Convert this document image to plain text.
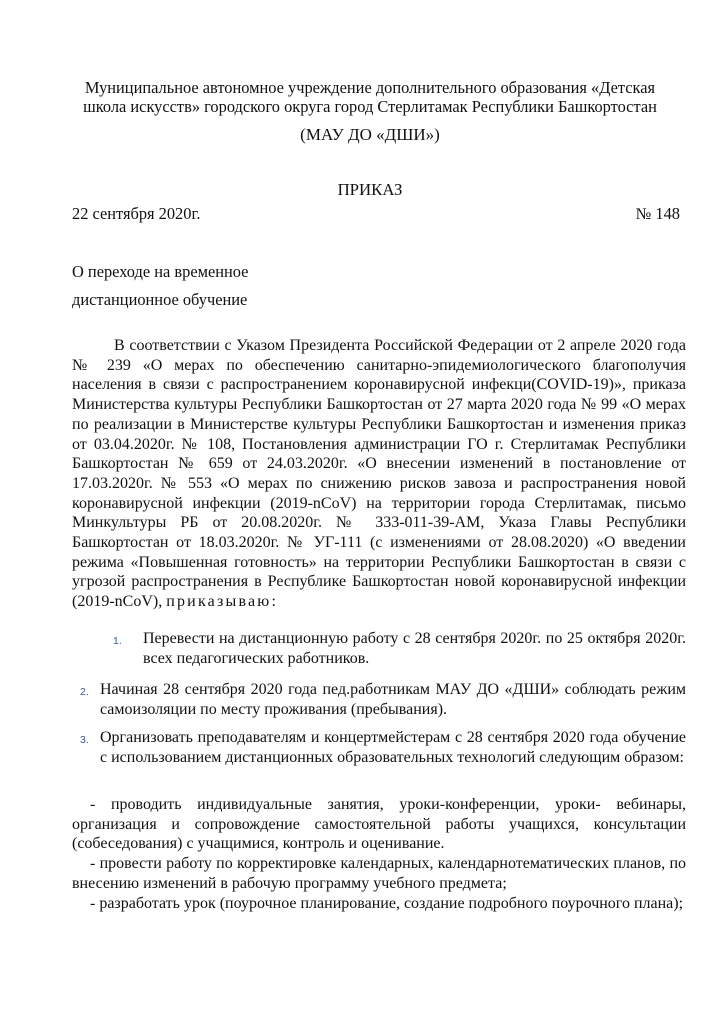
Муниципальное автономное учреждение дополнительного образования «Детская
школа искусств» городского округа город Стерлитамак Республики Башкортостан

(МАУ ДО «ДШИ»)

ПРИКАЗ

22 сентября 2020г.	№ 148

О переходе на временное
дистанционное обучение

В соответствии с Указом Президента Российской Федерации от 2 апреле 2020 года № 239 «О мерах по обеспечению санитарно-эпидемиологического благополучия населения в связи с распространением коронавирусной инфекци(COVID-19)», приказа Министерства культуры Республики Башкортостан от 27 марта 2020 года № 99 «О мерах по реализации в Министерстве культуры Республики Башкортостан и изменения приказ от 03.04.2020г. № 108, Постановления администрации ГО г. Стерлитамак Республики Башкортостан № 659 от 24.03.2020г. «О внесении изменений в постановление от 17.03.2020г. № 553 «О мерах по снижению рисков завоза и распространения новой коронавирусной инфекции (2019-nCoV) на территории города Стерлитамак, письмо Минкультуры РБ от 20.08.2020г. № 333-011-39-АМ, Указа Главы Республики Башкортостан от 18.03.2020г. № УГ-111 (с изменениями от 28.08.2020) «О введении режима «Повышенная готовность» на территории Республики Башкортостан в связи с угрозой распространения в Республике Башкортостан новой коронавирусной инфекции (2019-nCoV), приказываю:

1. Перевести на дистанционную работу с 28 сентября 2020г. по 25 октября 2020г. всех педагогических работников.

2. Начиная 28 сентября 2020 года пед.работникам МАУ ДО «ДШИ» соблюдать режим самоизоляции по месту проживания (пребывания).

3. Организовать преподавателям и концертмейстерам с 28 сентября 2020 года обучение с использованием дистанционных образовательных технологий следующим образом:

- проводить индивидуальные занятия, уроки-конференции, уроки- вебинары, организация и сопровождение самостоятельной работы учащихся, консультации (собеседования) с учащимися, контроль и оценивание.

- провести работу по корректировке календарных, календарнотематических планов, по внесению изменений в рабочую программу учебного предмета;

- разработать урок (поурочное планирование, создание подробного поурочного плана);
